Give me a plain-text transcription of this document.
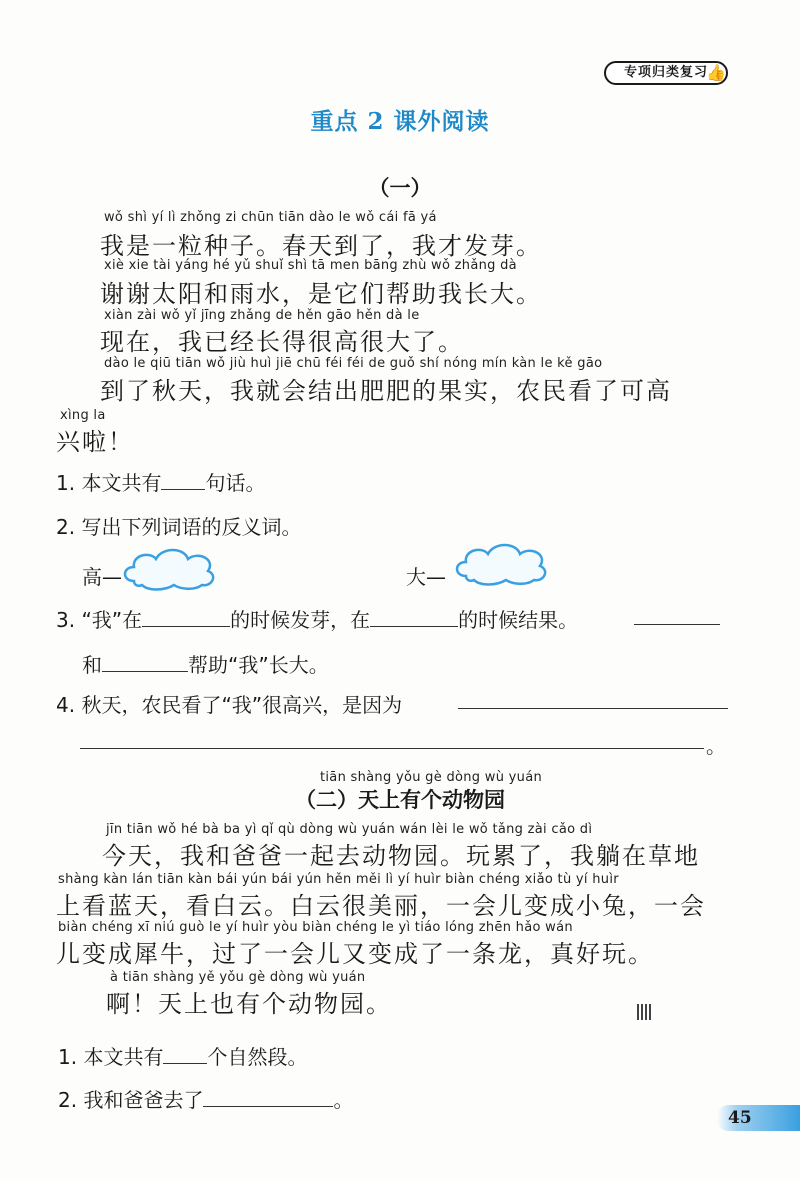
专项归类复习
👍
重点 2 课外阅读
（一）
wǒ shì yí lì zhǒng zi chūn tiān dào le wǒ cái fā yá
我是一粒种子。春天到了，我才发芽。
xiè xie tài yáng hé yǔ shuǐ shì tā men bāng zhù wǒ zhǎng dà
谢谢太阳和雨水，是它们帮助我长大。
xiàn zài wǒ yǐ jīng zhǎng de hěn gāo hěn dà le
现在，我已经长得很高很大了。
dào le qiū tiān wǒ jiù huì jiē chū féi féi de guǒ shí nóng mín kàn le kě gāo
到了秋天，我就会结出肥肥的果实，农民看了可高
xìng la
兴啦！
1. 本文共有 句话。
2. 写出下列词语的反义词。
高—	大—
3. “我”在	的时候发芽，在	的时候结果。
和	帮助“我”长大。
4. 秋天，农民看了“我”很高兴，是因为
。
tiān shàng yǒu gè dòng wù yuán
（二）天上有个动物园
jīn tiān wǒ hé bà ba yì qǐ qù dòng wù yuán wán lèi le wǒ tǎng zài cǎo dì
今天，我和爸爸一起去动物园。玩累了，我躺在草地
shàng kàn lán tiān kàn bái yún bái yún hěn měi lì yí huìr biàn chéng xiǎo tù yí huìr
上看蓝天，看白云。白云很美丽，一会儿变成小兔，一会
biàn chéng xī niú guò le yí huìr yòu biàn chéng le yì tiáo lóng zhēn hǎo wán
儿变成犀牛，过了一会儿又变成了一条龙，真好玩。
à tiān shàng yě yǒu gè dòng wù yuán
啊！天上也有个动物园。
1. 本文共有 个自然段。
2. 我和爸爸去了	。
45
